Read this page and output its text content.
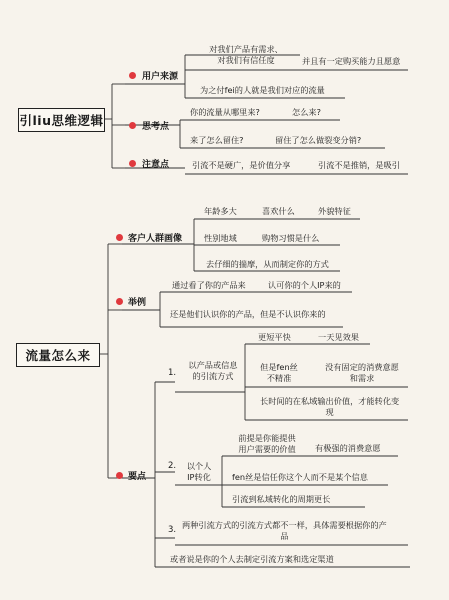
引liu思维逻辑
用户来源
对我们产品有需求、
对我们有信任度	并且有一定购买能力且愿意
为之付fei的人就是我们对应的流量
思考点
你的流量从哪里来?	怎么来?
来了怎么留住?	留住了怎么做裂变分销?
注意点	引流不是硬广，是价值分享	引流不是推销，是吸引
流量怎么来
客户人群画像
年龄多大	喜欢什么	外貌特征
性别地域	购物习惯是什么
去仔细的揣摩，从而制定你的方式
举例
通过看了你的产品来	认可你的个人IP来的
还是他们认识你的产品，但是不认识你来的
要点
1.
以产品或信息
的引流方式
更短平快	一天见效果
但是fen丝
不精准
没有固定的消费意愿
和需求
长时间的在私域输出价值，才能转化变
现
2.	以个人
IP转化
前提是你能提供
用户需要的价值	有极强的消费意愿
fen丝是信任你这个人而不是某个信息
引流到私域转化的周期更长
3. 两种引流方式的引流方式都不一样，具体需要根据你的产
品
或者说是你的个人去制定引流方案和选定渠道
